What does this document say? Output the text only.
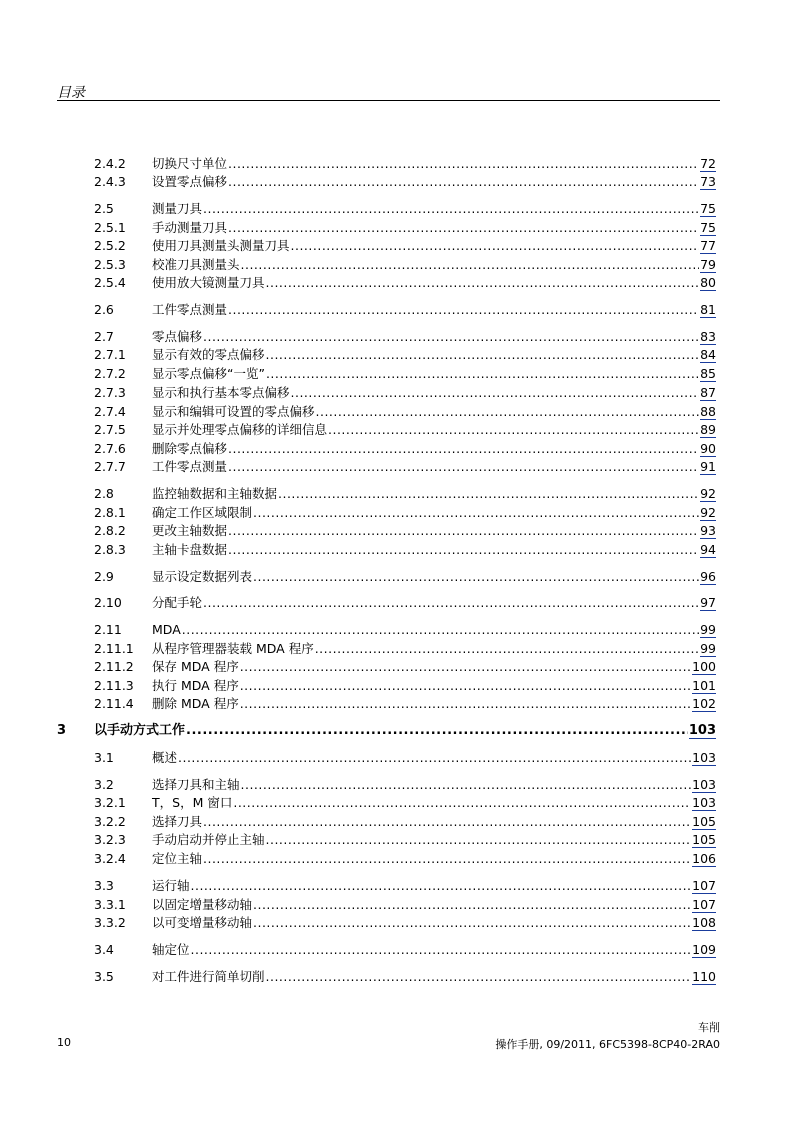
目录
2.4.2 切换尺寸单位 .....	72
2.4.3 设置零点偏移 .....	73
2.5	测量刀具 .....	75
2.5.1 手动测量刀具 .....	75
2.5.2 使用刀具测量头测量刀具 .....	77
2.5.3 校准刀具测量头 .....	79
2.5.4 使用放大镜测量刀具 .....	80
2.6	工件零点测量 .....	81
2.7	零点偏移 .....	83
2.7.1 显示有效的零点偏移 .....	84
2.7.2 显示零点偏移“一览” .....	85
2.7.3 显示和执行基本零点偏移 .....	87
2.7.4 显示和编辑可设置的零点偏移 .....	88
2.7.5 显示并处理零点偏移的详细信息 .....	89
2.7.6 删除零点偏移 .....	90
2.7.7 工件零点测量 .....	91
2.8	监控轴数据和主轴数据 .....	92
2.8.1 确定工作区域限制 .....	92
2.8.2 更改主轴数据 .....	93
2.8.3 主轴卡盘数据 .....	94
2.9	显示设定数据列表 .....	96
2.10 分配手轮 .....	97
2.11 MDA .....	99
2.11.1 从程序管理器装载 MDA 程序 .....	99
2.11.2 保存 MDA 程序 .....	100
2.11.3 执行 MDA 程序 .....	101
2.11.4 删除 MDA 程序 .....	102
3 以手动方式工作 .....	103
3.1	概述 .....	103
3.2	选择刀具和主轴 .....	103
3.2.1 T，S，M 窗口 .....	103
3.2.2 选择刀具 .....	105
3.2.3 手动启动并停止主轴 .....	105
3.2.4 定位主轴 .....	106
3.3	运行轴 .....	107
3.3.1 以固定增量移动轴 .....	107
3.3.2 以可变增量移动轴 .....	108
3.4	轴定位 .....	109
3.5	对工件进行简单切削 .....	110
车削
操作手册, 09/2011, 6FC5398-8CP40-2RA0
10
